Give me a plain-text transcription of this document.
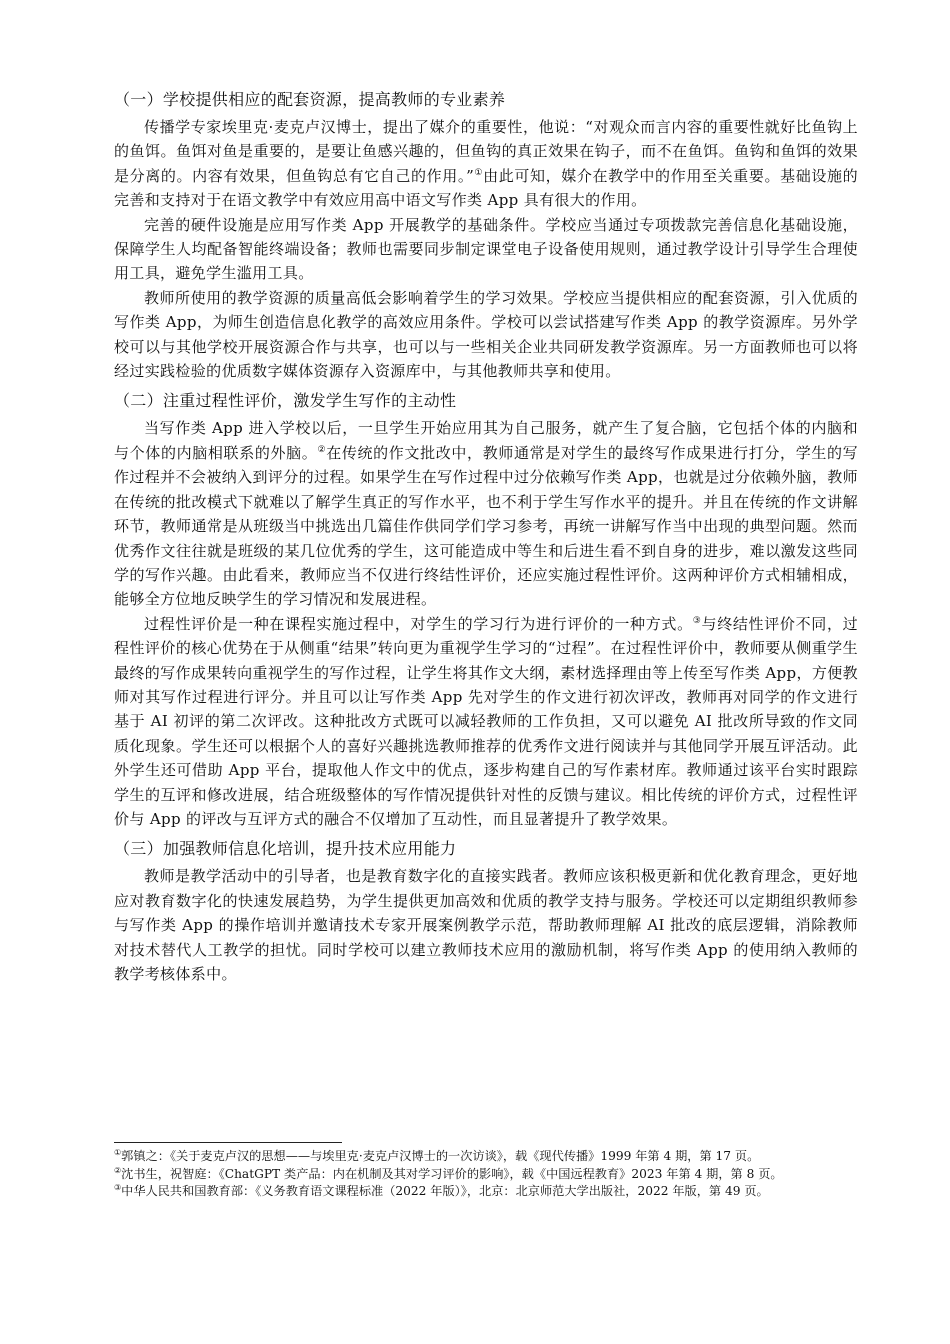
（一）学校提供相应的配套资源，提高教师的专业素养

传播学专家埃里克·麦克卢汉博士，提出了媒介的重要性，他说：“对观众而言内容的重要性就好比鱼钩上的鱼饵。鱼饵对鱼是重要的，是要让鱼感兴趣的，但鱼钩的真正效果在钩子，而不在鱼饵。鱼钩和鱼饵的效果是分离的。内容有效果，但鱼钩总有它自己的作用。”①由此可知，媒介在教学中的作用至关重要。基础设施的完善和支持对于在语文教学中有效应用高中语文写作类 App 具有很大的作用。

完善的硬件设施是应用写作类 App 开展教学的基础条件。学校应当通过专项拨款完善信息化基础设施，保障学生人均配备智能终端设备；教师也需要同步制定课堂电子设备使用规则，通过教学设计引导学生合理使用工具，避免学生滥用工具。

教师所使用的教学资源的质量高低会影响着学生的学习效果。学校应当提供相应的配套资源，引入优质的写作类 App，为师生创造信息化教学的高效应用条件。学校可以尝试搭建写作类 App 的教学资源库。另外学校可以与其他学校开展资源合作与共享，也可以与一些相关企业共同研发教学资源库。另一方面教师也可以将经过实践检验的优质数字媒体资源存入资源库中，与其他教师共享和使用。

（二）注重过程性评价，激发学生写作的主动性

当写作类 App 进入学校以后，一旦学生开始应用其为自己服务，就产生了复合脑，它包括个体的内脑和与个体的内脑相联系的外脑。②在传统的作文批改中，教师通常是对学生的最终写作成果进行打分，学生的写作过程并不会被纳入到评分的过程。如果学生在写作过程中过分依赖写作类 App，也就是过分依赖外脑，教师在传统的批改模式下就难以了解学生真正的写作水平，也不利于学生写作水平的提升。并且在传统的作文讲解环节，教师通常是从班级当中挑选出几篇佳作供同学们学习参考，再统一讲解写作当中出现的典型问题。然而优秀作文往往就是班级的某几位优秀的学生，这可能造成中等生和后进生看不到自身的进步，难以激发这些同学的写作兴趣。由此看来，教师应当不仅进行终结性评价，还应实施过程性评价。这两种评价方式相辅相成，能够全方位地反映学生的学习情况和发展进程。

过程性评价是一种在课程实施过程中，对学生的学习行为进行评价的一种方式。③与终结性评价不同，过程性评价的核心优势在于从侧重“结果”转向更为重视学生学习的“过程”。在过程性评价中，教师要从侧重学生最终的写作成果转向重视学生的写作过程，让学生将其作文大纲，素材选择理由等上传至写作类 App，方便教师对其写作过程进行评分。并且可以让写作类 App 先对学生的作文进行初次评改，教师再对同学的作文进行基于 AI 初评的第二次评改。这种批改方式既可以减轻教师的工作负担，又可以避免 AI 批改所导致的作文同质化现象。学生还可以根据个人的喜好兴趣挑选教师推荐的优秀作文进行阅读并与其他同学开展互评活动。此外学生还可借助 App 平台，提取他人作文中的优点，逐步构建自己的写作素材库。教师通过该平台实时跟踪学生的互评和修改进展，结合班级整体的写作情况提供针对性的反馈与建议。相比传统的评价方式，过程性评价与 App 的评改与互评方式的融合不仅增加了互动性，而且显著提升了教学效果。

（三）加强教师信息化培训，提升技术应用能力

教师是教学活动中的引导者，也是教育数字化的直接实践者。教师应该积极更新和优化教育理念，更好地应对教育数字化的快速发展趋势，为学生提供更加高效和优质的教学支持与服务。学校还可以定期组织教师参与写作类 App 的操作培训并邀请技术专家开展案例教学示范，帮助教师理解 AI 批改的底层逻辑，消除教师对技术替代人工教学的担忧。同时学校可以建立教师技术应用的激励机制，将写作类 App 的使用纳入教师的教学考核体系中。

①郭镇之：《关于麦克卢汉的思想——与埃里克·麦克卢汉博士的一次访谈》，载《现代传播》1999 年第 4 期，第 17 页。

②沈书生，祝智庭：《ChatGPT 类产品：内在机制及其对学习评价的影响》，载《中国远程教育》2023 年第 4 期，第 8 页。

③中华人民共和国教育部：《义务教育语文课程标准（2022 年版）》，北京：北京师范大学出版社，2022 年版，第 49 页。
